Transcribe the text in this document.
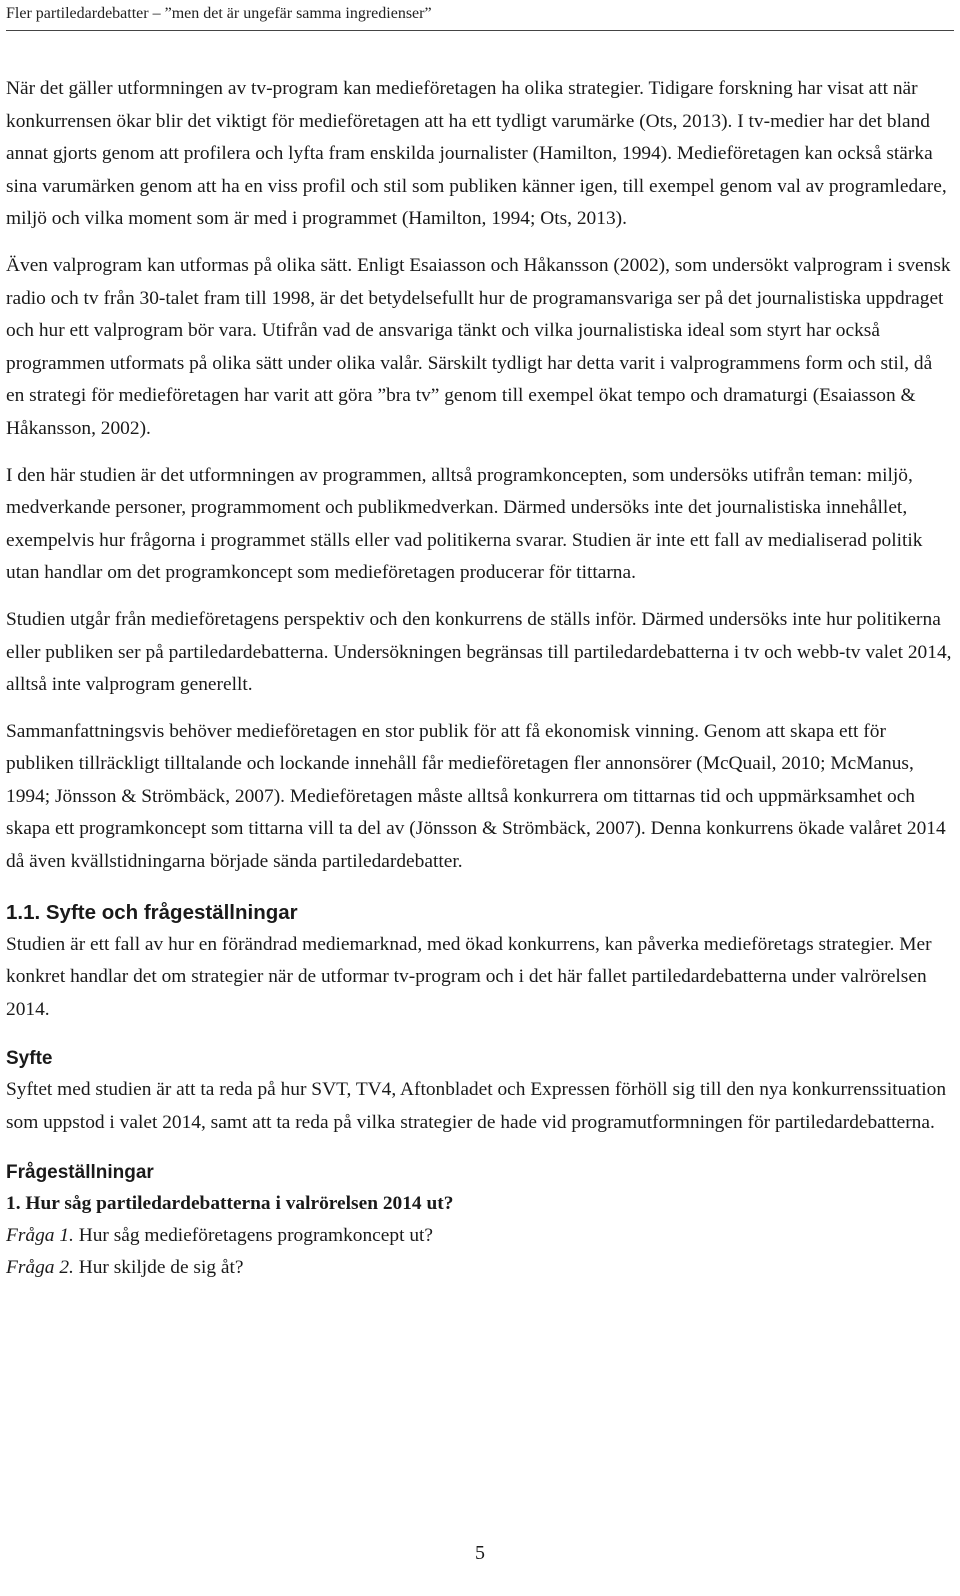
Fler partiledardebatter – ”men det är ungefär samma ingredienser”

När det gäller utformningen av tv-program kan medieföretagen ha olika strategier. Tidigare forskning har visat att när konkurrensen ökar blir det viktigt för medieföretagen att ha ett tydligt varumärke (Ots, 2013). I tv-medier har det bland annat gjorts genom att profilera och lyfta fram enskilda journalister (Hamilton, 1994). Medieföretagen kan också stärka sina varumärken genom att ha en viss profil och stil som publiken känner igen, till exempel genom val av programledare, miljö och vilka moment som är med i programmet (Hamilton, 1994; Ots, 2013).

Även valprogram kan utformas på olika sätt. Enligt Esaiasson och Håkansson (2002), som undersökt valprogram i svensk radio och tv från 30-talet fram till 1998, är det betydelsefullt hur de programansvariga ser på det journalistiska uppdraget och hur ett valprogram bör vara. Utifrån vad de ansvariga tänkt och vilka journalistiska ideal som styrt har också programmen utformats på olika sätt under olika valår. Särskilt tydligt har detta varit i valprogrammens form och stil, då en strategi för medieföretagen har varit att göra ”bra tv” genom till exempel ökat tempo och dramaturgi (Esaiasson & Håkansson, 2002).

I den här studien är det utformningen av programmen, alltså programkoncepten, som undersöks utifrån teman: miljö, medverkande personer, programmoment och publikmedverkan. Därmed undersöks inte det journalistiska innehållet, exempelvis hur frågorna i programmet ställs eller vad politikerna svarar. Studien är inte ett fall av medialiserad politik utan handlar om det programkoncept som medieföretagen producerar för tittarna.

Studien utgår från medieföretagens perspektiv och den konkurrens de ställs inför. Därmed undersöks inte hur politikerna eller publiken ser på partiledardebatterna. Undersökningen begränsas till partiledardebatterna i tv och webb-tv valet 2014, alltså inte valprogram generellt.

Sammanfattningsvis behöver medieföretagen en stor publik för att få ekonomisk vinning. Genom att skapa ett för publiken tillräckligt tilltalande och lockande innehåll får medieföretagen fler annonsörer (McQuail, 2010; McManus, 1994; Jönsson & Strömbäck, 2007). Medieföretagen måste alltså konkurrera om tittarnas tid och uppmärksamhet och skapa ett programkoncept som tittarna vill ta del av (Jönsson & Strömbäck, 2007). Denna konkurrens ökade valåret 2014 då även kvällstidningarna började sända partiledardebatter.

1.1. Syfte och frågeställningar

Studien är ett fall av hur en förändrad mediemarknad, med ökad konkurrens, kan påverka medieföretags strategier. Mer konkret handlar det om strategier när de utformar tv-program och i det här fallet partiledardebatterna under valrörelsen 2014.

Syfte

Syftet med studien är att ta reda på hur SVT, TV4, Aftonbladet och Expressen förhöll sig till den nya konkurrenssituation som uppstod i valet 2014, samt att ta reda på vilka strategier de hade vid programutformningen för partiledardebatterna.

Frågeställningar

1. Hur såg partiledardebatterna i valrörelsen 2014 ut?

Fråga 1. Hur såg medieföretagens programkoncept ut?

Fråga 2. Hur skiljde de sig åt?

5
